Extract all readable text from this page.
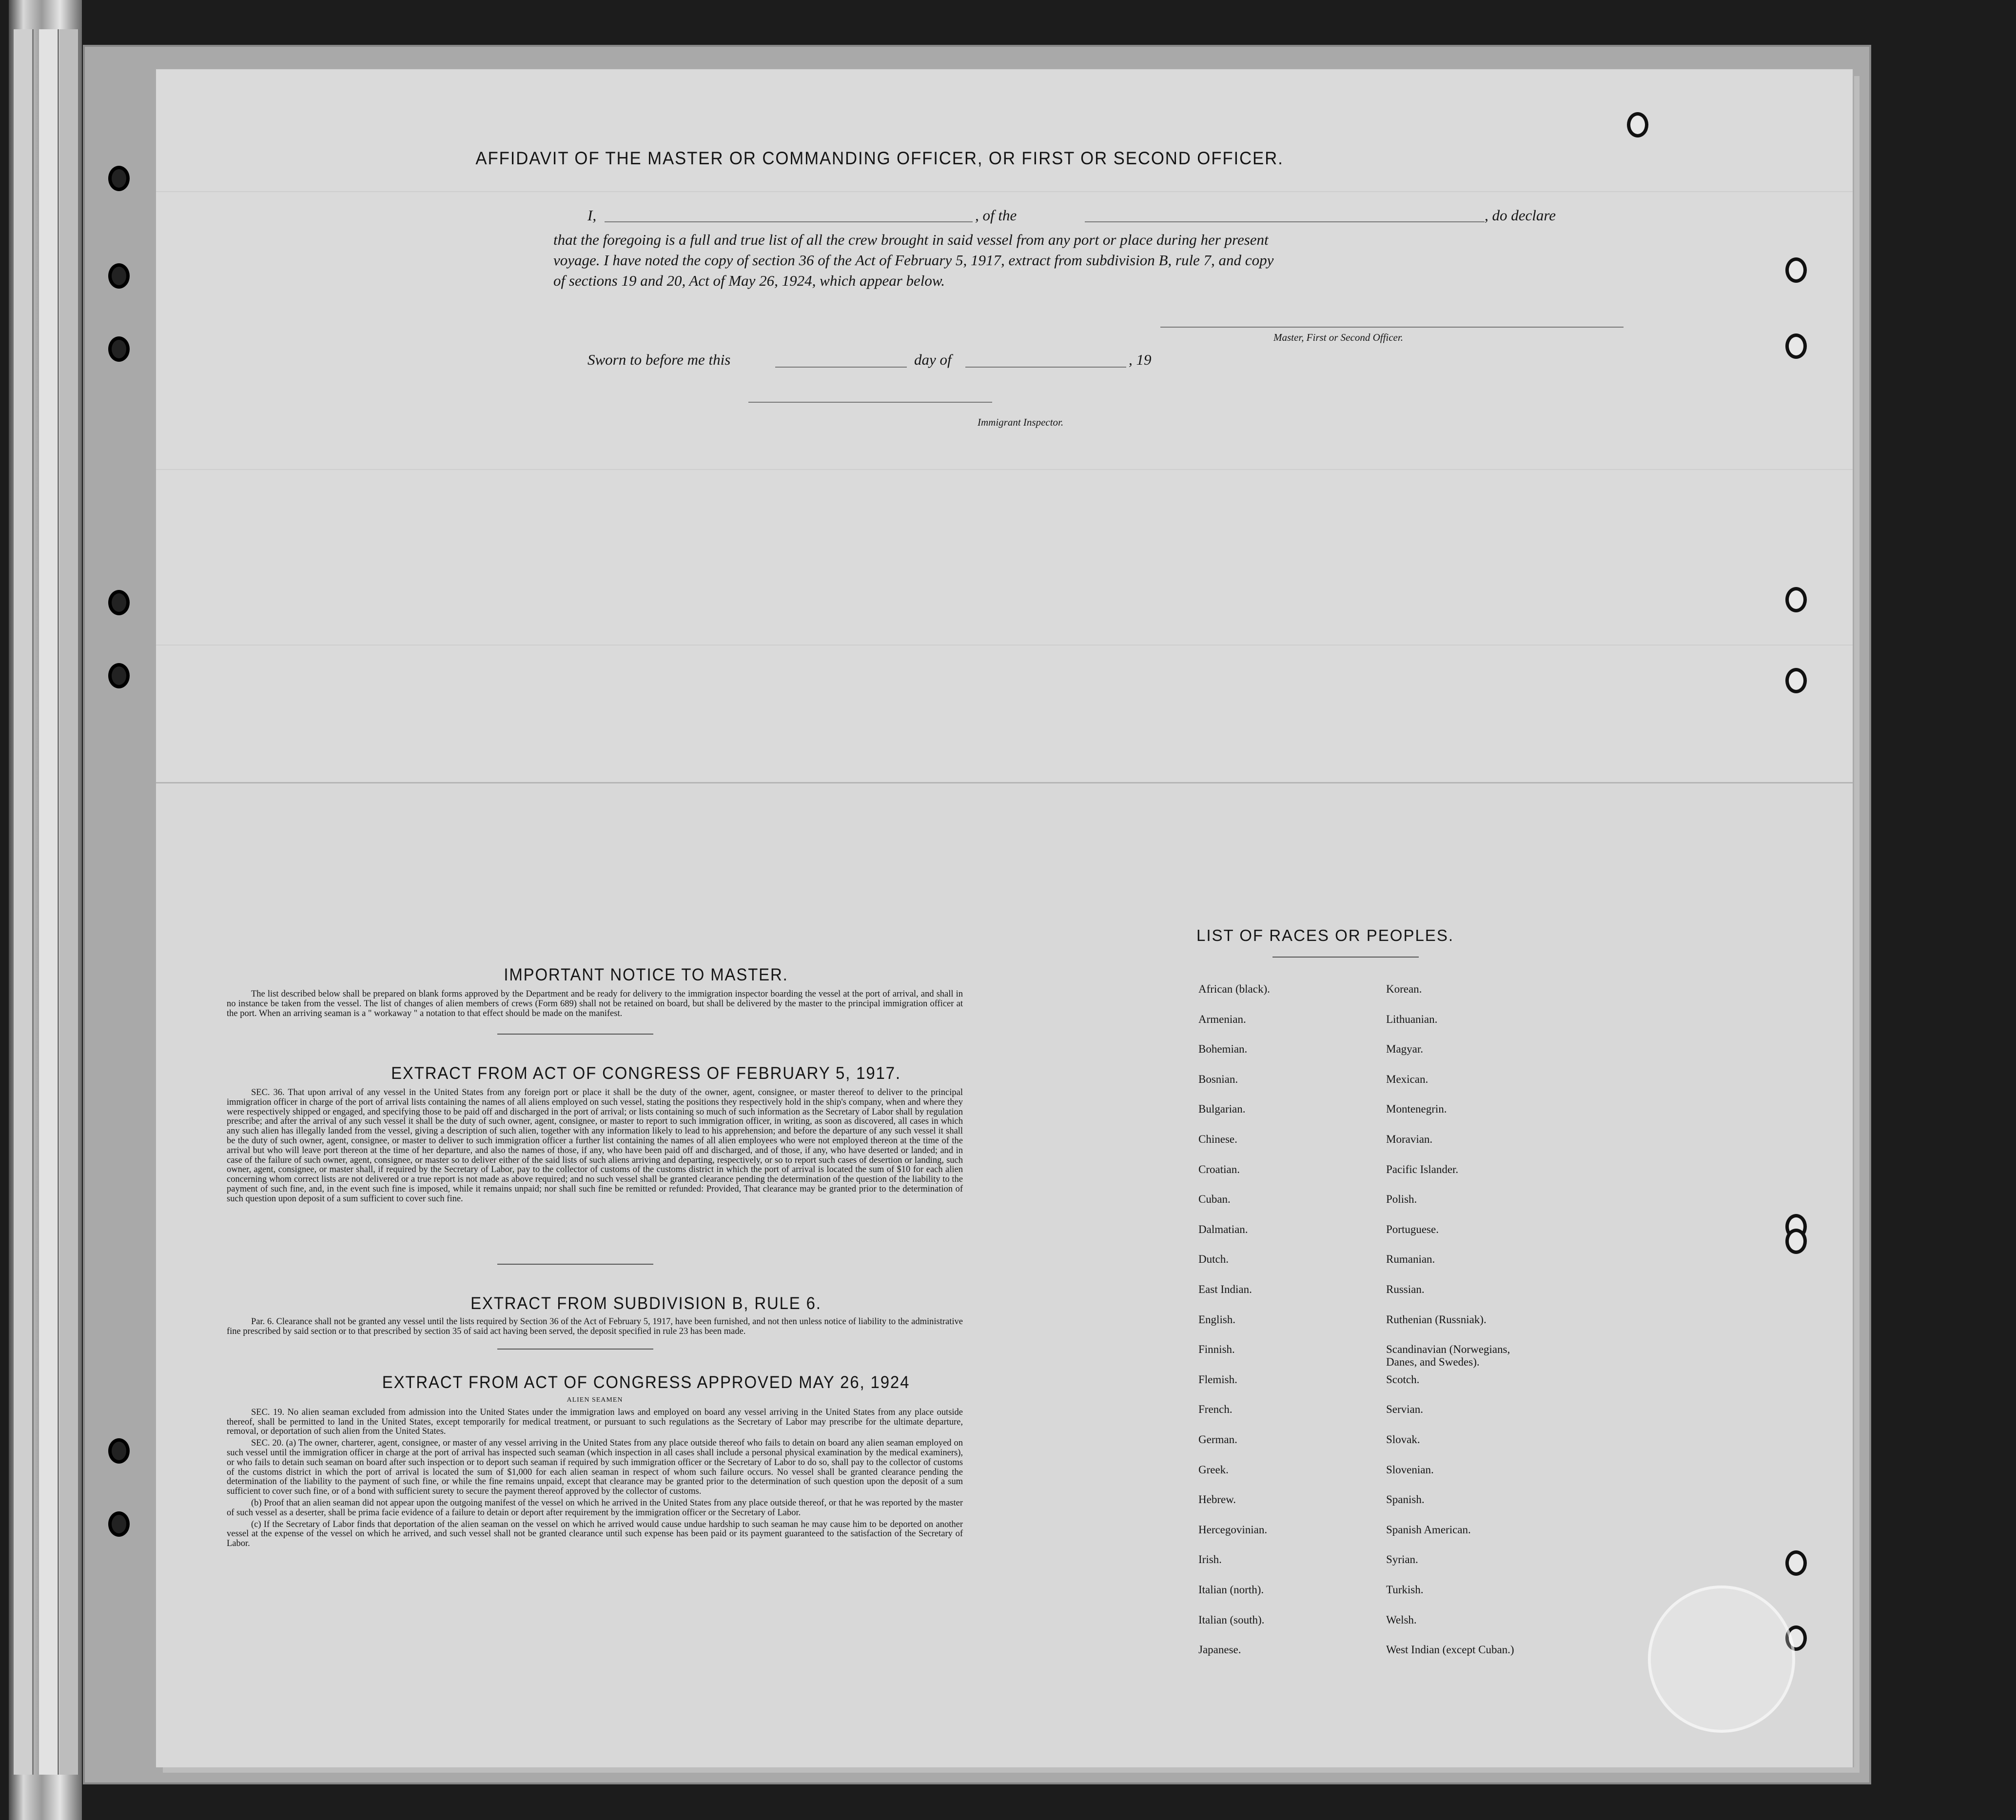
AFFIDAVIT OF THE MASTER OR COMMANDING OFFICER, OR FIRST OR SECOND OFFICER.
I,	, of the	, do declare
that the foregoing is a full and true list of all the crew brought in said vessel from any port or place during her present
voyage. I have noted the copy of section 36 of the Act of February 5, 1917, extract from subdivision B, rule 7, and copy
of sections 19 and 20, Act of May 26, 1924, which appear below.
Master, First or Second Officer.
Sworn to before me this	day of	, 19
Immigrant Inspector.
IMPORTANT NOTICE TO MASTER.

The list described below shall be prepared on blank forms approved by the Department and be ready for delivery to the immigration inspector boarding the vessel at the port of arrival, and shall in no instance be taken from the vessel. The list of changes of alien members of crews (Form 689) shall not be retained on board, but shall be delivered by the master to the principal immigration officer at the port. When an arriving seaman is a " workaway " a notation to that effect should be made on the manifest.

EXTRACT FROM ACT OF CONGRESS OF FEBRUARY 5, 1917.

SEC. 36. That upon arrival of any vessel in the United States from any foreign port or place it shall be the duty of the owner, agent, consignee, or master thereof to deliver to the principal immigration officer in charge of the port of arrival lists containing the names of all aliens employed on such vessel, stating the positions they respectively hold in the ship's company, when and where they were respectively shipped or engaged, and specifying those to be paid off and discharged in the port of arrival; or lists containing so much of such information as the Secretary of Labor shall by regulation prescribe; and after the arrival of any such vessel it shall be the duty of such owner, agent, consignee, or master to report to such immigration officer, in writing, as soon as discovered, all cases in which any such alien has illegally landed from the vessel, giving a description of such alien, together with any information likely to lead to his apprehension; and before the departure of any such vessel it shall be the duty of such owner, agent, consignee, or master to deliver to such immigration officer a further list containing the names of all alien employees who were not employed thereon at the time of the arrival but who will leave port thereon at the time of her departure, and also the names of those, if any, who have been paid off and discharged, and of those, if any, who have deserted or landed; and in case of the failure of such owner, agent, consignee, or master so to deliver either of the said lists of such aliens arriving and departing, respectively, or so to report such cases of desertion or landing, such owner, agent, consignee, or master shall, if required by the Secretary of Labor, pay to the collector of customs of the customs district in which the port of arrival is located the sum of $10 for each alien concerning whom correct lists are not delivered or a true report is not made as above required; and no such vessel shall be granted clearance pending the determination of the question of the liability to the payment of such fine, and, in the event such fine is imposed, while it remains unpaid; nor shall such fine be remitted or refunded: Provided, That clearance may be granted prior to the determination of such question upon deposit of a sum sufficient to cover such fine.

EXTRACT FROM SUBDIVISION B, RULE 6.

Par. 6. Clearance shall not be granted any vessel until the lists required by Section 36 of the Act of February 5, 1917, have been furnished, and not then unless notice of liability to the administrative fine prescribed by said section or to that prescribed by section 35 of said act having been served, the deposit specified in rule 23 has been made.

EXTRACT FROM ACT OF CONGRESS APPROVED MAY 26, 1924

ALIEN SEAMEN

SEC. 19. No alien seaman excluded from admission into the United States under the immigration laws and employed on board any vessel arriving in the United States from any place outside thereof, shall be permitted to land in the United States, except temporarily for medical treatment, or pursuant to such regulations as the Secretary of Labor may prescribe for the ultimate departure, removal, or deportation of such alien from the United States.

SEC. 20. (a) The owner, charterer, agent, consignee, or master of any vessel arriving in the United States from any place outside thereof who fails to detain on board any alien seaman employed on such vessel until the immigration officer in charge at the port of arrival has inspected such seaman (which inspection in all cases shall include a personal physical examination by the medical examiners), or who fails to detain such seaman on board after such inspection or to deport such seaman if required by such immigration officer or the Secretary of Labor to do so, shall pay to the collector of customs of the customs district in which the port of arrival is located the sum of $1,000 for each alien seaman in respect of whom such failure occurs. No vessel shall be granted clearance pending the determination of the liability to the payment of such fine, or while the fine remains unpaid, except that clearance may be granted prior to the determination of such question upon the deposit of a sum sufficient to cover such fine, or of a bond with sufficient surety to secure the payment thereof approved by the collector of customs.

(b) Proof that an alien seaman did not appear upon the outgoing manifest of the vessel on which he arrived in the United States from any place outside thereof, or that he was reported by the master of such vessel as a deserter, shall be prima facie evidence of a failure to detain or deport after requirement by the immigration officer or the Secretary of Labor.

(c) If the Secretary of Labor finds that deportation of the alien seaman on the vessel on which he arrived would cause undue hardship to such seaman he may cause him to be deported on another vessel at the expense of the vessel on which he arrived, and such vessel shall not be granted clearance until such expense has been paid or its payment guaranteed to the satisfaction of the Secretary of Labor.

LIST OF RACES OR PEOPLES.
African (black).
Armenian.
Bohemian.
Bosnian.
Bulgarian.
Chinese.
Croatian.
Cuban.
Dalmatian.
Dutch.
East Indian.
English.
Finnish.
Flemish.
French.
German.
Greek.
Hebrew.
Hercegovinian.
Irish.
Italian (north).
Italian (south).
Japanese.
Korean.
Lithuanian.
Magyar.
Mexican.
Montenegrin.
Moravian.
Pacific Islander.
Polish.
Portuguese.
Rumanian.
Russian.
Ruthenian (Russniak).
Scandinavian (Norwegians, Danes, and Swedes).
Scotch.
Servian.
Slovak.
Slovenian.
Spanish.
Spanish American.
Syrian.
Turkish.
Welsh.
West Indian (except Cuban.)
